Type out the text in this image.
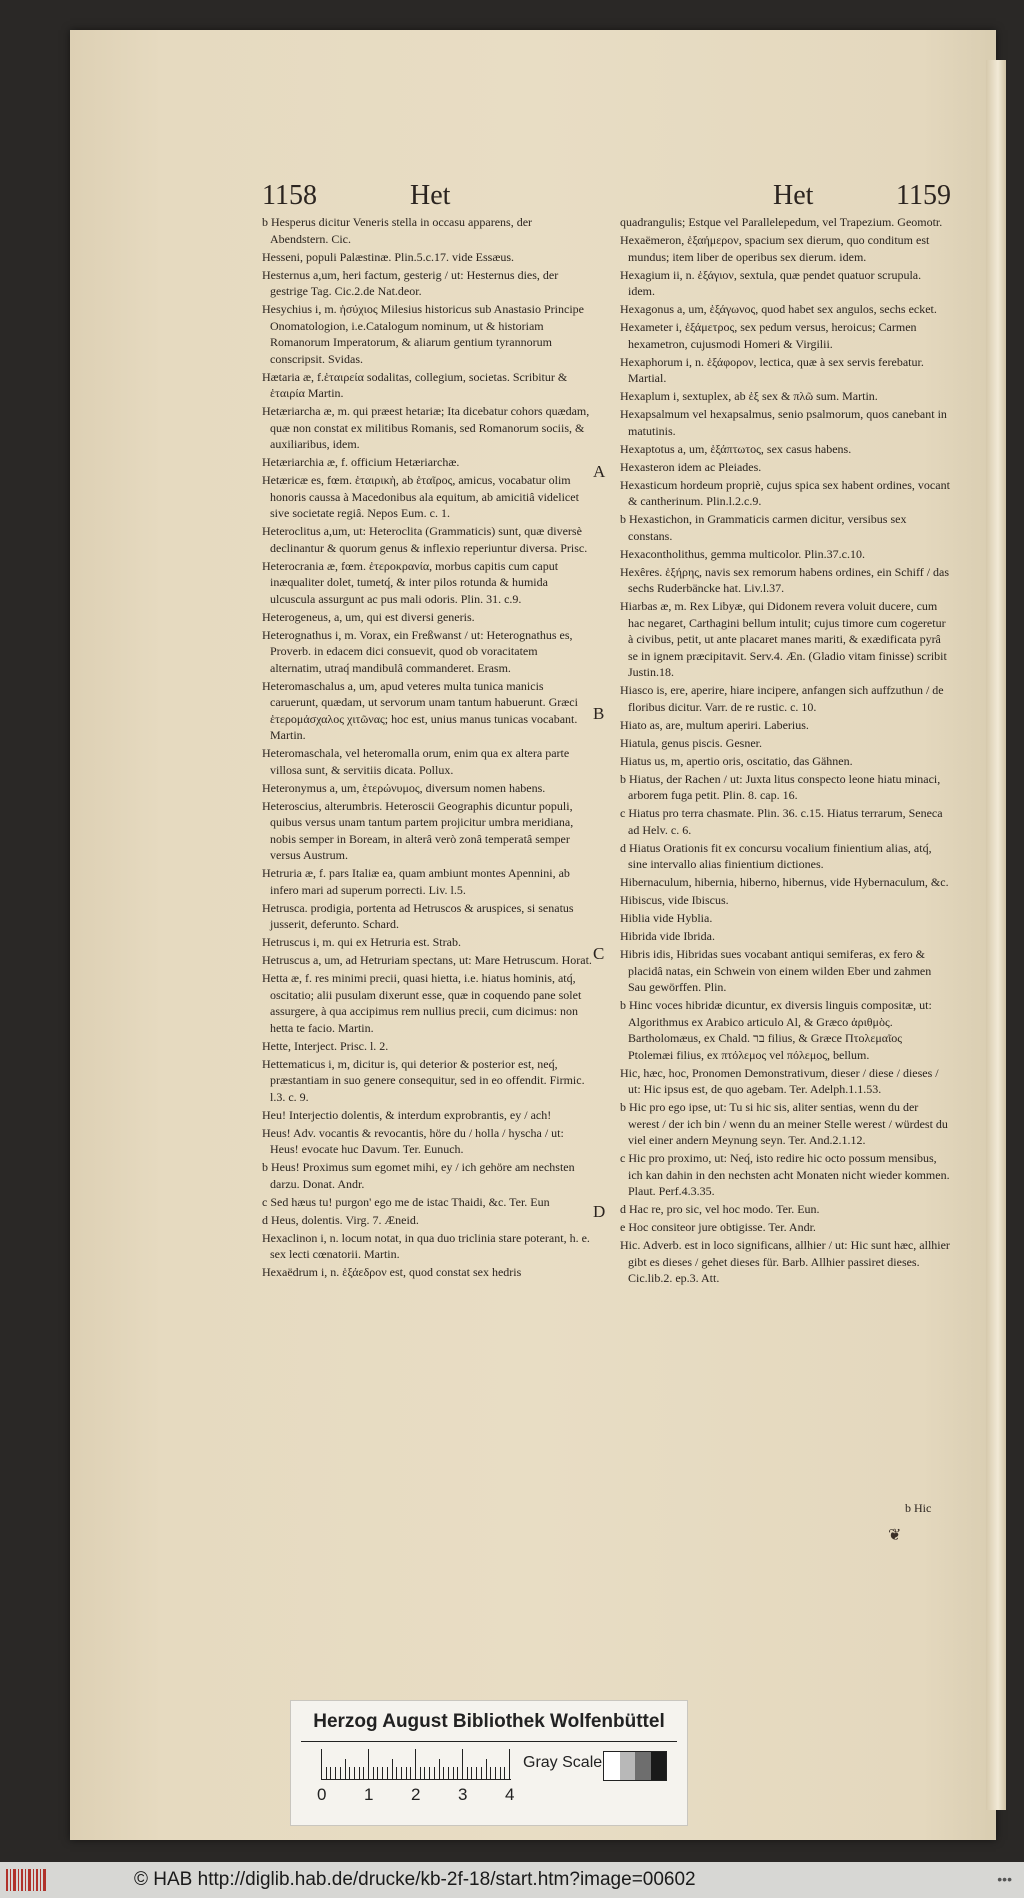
1158	Het	Het	1159
b Hesperus dicitur Veneris stella in occasu apparens, der Abendstern. Cic.
Hesseni, populi Palæstinæ. Plin.5.c.17. vide Essæus.
Hesternus a,um, heri factum, gesterig / ut: Hesternus dies, der gestrige Tag. Cic.2.de Nat.deor.
Hesychius i, m. ἡσύχιος Milesius historicus sub Anastasio Principe Onomatologion, i.e.Catalogum nominum, ut & historiam Romanorum Imperatorum, & aliarum gentium tyrannorum conscripsit. Svidas.
Hætaria æ, f.ἑταιρεία sodalitas, collegium, societas. Scribitur & ἑταιρία Martin.
Hetæriarcha æ, m. qui præest hetariæ; Ita dicebatur cohors quædam, quæ non constat ex militibus Romanis, sed Romanorum sociis, & auxiliaribus, idem.
Hetæriarchia æ, f. officium Hetæriarchæ.
Hetæricæ es, fœm. ἑταιρικὴ, ab ἑταῖρος, amicus, vocabatur olim honoris caussa à Macedonibus ala equitum, ab amicitiâ videlicet sive societate regiâ. Nepos Eum. c. 1.
Heteroclitus a,um, ut: Heteroclita (Grammaticis) sunt, quæ diversè declinantur & quorum genus & inflexio reperiuntur diversa. Prisc.
Heterocrania æ, fœm. ἑτεροκρανία, morbus capitis cum caput inæqualiter dolet, tumetq́, & inter pilos rotunda & humida ulcuscula assurgunt ac pus mali odoris. Plin. 31. c.9.
Heterogeneus, a, um, qui est diversi generis.
Heterognathus i, m. Vorax, ein Freßwanst / ut: Heterognathus es, Proverb. in edacem dici consuevit, quod ob voracitatem alternatim, utraq́ mandibulâ commanderet. Erasm.
Heteromaschalus a, um, apud veteres multa tunica manicis caruerunt, quædam, ut servorum unam tantum habuerunt. Græci ἑτερομάσχαλος χιτῶνας; hoc est, unius manus tunicas vocabant. Martin.
Heteromaschala, vel heteromalla orum, enim qua ex altera parte villosa sunt, & servitiis dicata. Pollux.
Heteronymus a, um, ἑτερώνυμος, diversum nomen habens.
Heteroscius, alterumbris. Heteroscii Geographis dicuntur populi, quibus versus unam tantum partem projicitur umbra meridiana, nobis semper in Boream, in alterâ verò zonâ temperatâ semper versus Austrum.
Hetruria æ, f. pars Italiæ ea, quam ambiunt montes Apennini, ab infero mari ad superum porrecti. Liv. l.5.
Hetrusca. prodigia, portenta ad Hetruscos & aruspices, si senatus jusserit, deferunto. Schard.
Hetruscus i, m. qui ex Hetruria est. Strab.
Hetruscus a, um, ad Hetruriam spectans, ut: Mare Hetruscum. Horat.
Hetta æ, f. res minimi precii, quasi hietta, i.e. hiatus hominis, atq́, oscitatio; alii pusulam dixerunt esse, quæ in coquendo pane solet assurgere, à qua accipimus rem nullius precii, cum dicimus: non hetta te facio. Martin.
Hette, Interject. Prisc. l. 2.
Hettematicus i, m, dicitur is, qui deterior & posterior est, neq́, præstantiam in suo genere consequitur, sed in eo offendit. Firmic. l.3. c. 9.
Heu! Interjectio dolentis, & interdum exprobrantis, ey / ach!
Heus! Adv. vocantis & revocantis, höre du / holla / hyscha / ut: Heus! evocate huc Davum. Ter. Eunuch.
b Heus! Proximus sum egomet mihi, ey / ich gehöre am nechsten darzu. Donat. Andr.
c Sed hæus tu! purgon' ego me de istac Thaidi, &c. Ter. Eun
d Heus, dolentis. Virg. 7. Æneid.
Hexaclinon i, n. locum notat, in qua duo triclinia stare poterant, h. e. sex lecti cœnatorii. Martin.
Hexaëdrum i, n. ἑξάεδρον est, quod constat sex hedris
quadrangulis; Estque vel Parallelepedum, vel Trapezium. Geomotr.
Hexaëmeron, ἑξαήμερον, spacium sex dierum, quo conditum est mundus; item liber de operibus sex dierum. idem.
Hexagium ii, n. ἑξάγιον, sextula, quæ pendet quatuor scrupula. idem.
Hexagonus a, um, ἑξάγωνος, quod habet sex angulos, sechs ecket.
Hexameter i, ἑξάμετρος, sex pedum versus, heroicus; Carmen hexametron, cujusmodi Homeri & Virgilii.
Hexaphorum i, n. ἑξάφορον, lectica, quæ à sex servis ferebatur. Martial.
Hexaplum i, sextuplex, ab ἑξ sex & πλῶ sum. Martin.
Hexapsalmum vel hexapsalmus, senio psalmorum, quos canebant in matutinis.
Hexaptotus a, um, ἑξάπτωτος, sex casus habens.
Hexasteron idem ac Pleiades.
Hexasticum hordeum propriè, cujus spica sex habent ordines, vocant & cantherinum. Plin.l.2.c.9.
b Hexastichon, in Grammaticis carmen dicitur, versibus sex constans.
Hexacontholithus, gemma multicolor. Plin.37.c.10.
Hexêres. ἑξήρης, navis sex remorum habens ordines, ein Schiff / das sechs Ruderbäncke hat. Liv.l.37.
Hiarbas æ, m. Rex Libyæ, qui Didonem revera voluit ducere, cum hac negaret, Carthagini bellum intulit; cujus timore cum cogeretur à civibus, petit, ut ante placaret manes mariti, & exædificata pyrâ se in ignem præcipitavit. Serv.4. Æn. (Gladio vitam finisse) scribit Justin.18.
Hiasco is, ere, aperire, hiare incipere, anfangen sich auffzuthun / de floribus dicitur. Varr. de re rustic. c. 10.
Hiato as, are, multum aperiri. Laberius.
Hiatula, genus piscis. Gesner.
Hiatus us, m, apertio oris, oscitatio, das Gähnen.
b Hiatus, der Rachen / ut: Juxta litus conspecto leone hiatu minaci, arborem fuga petit. Plin. 8. cap. 16.
c Hiatus pro terra chasmate. Plin. 36. c.15. Hiatus terrarum, Seneca ad Helv. c. 6.
d Hiatus Orationis fit ex concursu vocalium finientium alias, atq́, sine intervallo alias finientium dictiones.
Hibernaculum, hibernia, hiberno, hibernus, vide Hybernaculum, &c.
Hibiscus, vide Ibiscus.
Hiblia vide Hyblia.
Hibrida vide Ibrida.
Hibris idis, Hibridas sues vocabant antiqui semiferas, ex fero & placidâ natas, ein Schwein von einem wilden Eber und zahmen Sau gewörffen. Plin.
b Hinc voces hibridæ dicuntur, ex diversis linguis compositæ, ut: Algorithmus ex Arabico articulo Al, & Græco ἀριθμὸς. Bartholomæus, ex Chald. בר filius, & Græce Πτολεμαῖος Ptolemæi filius, ex πτόλεμος vel πόλεμος, bellum.
Hic, hæc, hoc, Pronomen Demonstrativum, dieser / diese / dieses / ut: Hic ipsus est, de quo agebam. Ter. Adelph.1.1.53.
b Hic pro ego ipse, ut: Tu si hic sis, aliter sentias, wenn du der werest / der ich bin / wenn du an meiner Stelle werest / würdest du viel einer andern Meynung seyn. Ter. And.2.1.12.
c Hic pro proximo, ut: Neq́, isto redire hic octo possum mensibus, ich kan dahin in den nechsten acht Monaten nicht wieder kommen. Plaut. Perf.4.3.35.
d Hac re, pro sic, vel hoc modo. Ter. Eun.
e Hoc consiteor jure obtigisse. Ter. Andr.
Hic. Adverb. est in loco significans, allhier / ut: Hic sunt hæc, allhier gibt es dieses / gehet dieses für. Barb. Allhier passiret dieses. Cic.lib.2. ep.3. Att.
A
B
C
D
b Hic
❦
Herzog August Bibliothek Wolfenbüttel
0 1 2 3 4
Gray Scale
© HAB http://diglib.hab.de/drucke/kb-2f-18/start.htm?image=00602	•••
